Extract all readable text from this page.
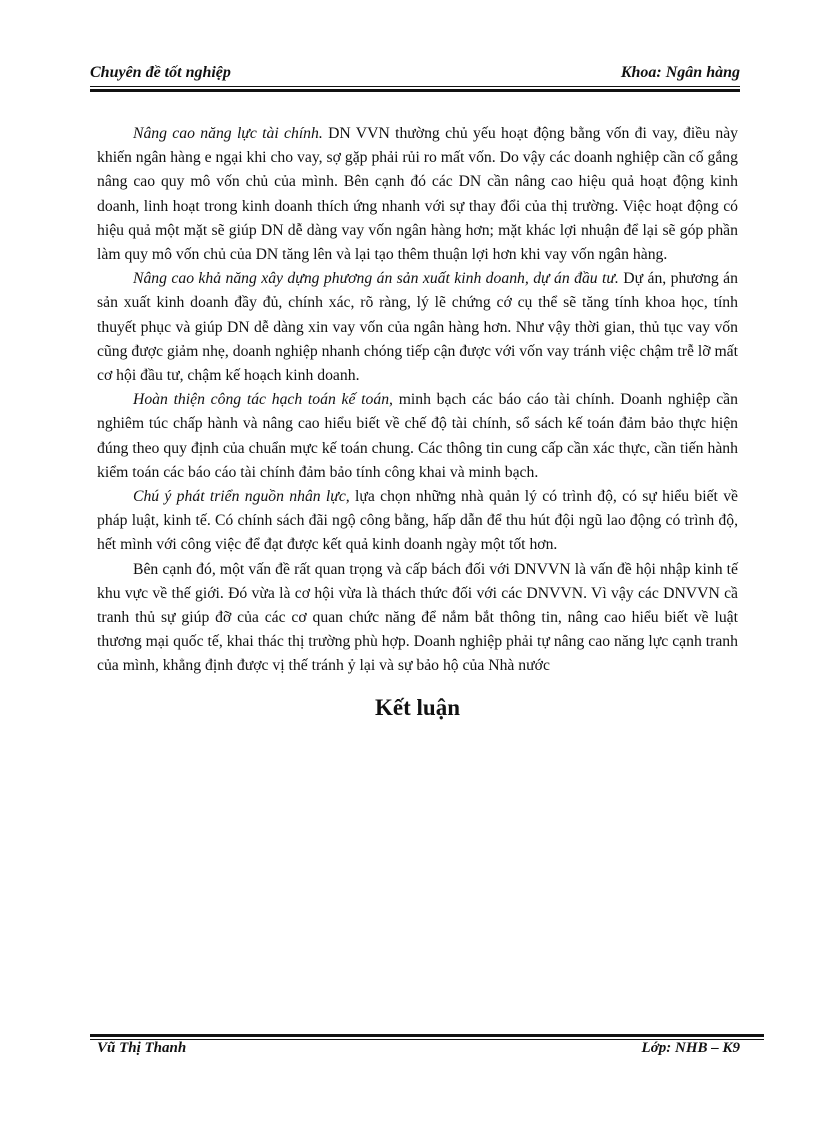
Chuyên đề tốt nghiệp	Khoa: Ngân hàng

Nâng cao năng lực tài chính. DN VVN thường chủ yếu hoạt động bằng vốn đi vay, điều này khiến ngân hàng e ngại khi cho vay, sợ gặp phải rủi ro mất vốn. Do vậy các doanh nghiệp cần cố gắng nâng cao quy mô vốn chủ của mình. Bên cạnh đó các DN cần nâng cao hiệu quả hoạt động kinh doanh, linh hoạt trong kinh doanh thích ứng nhanh với sự thay đổi của thị trường. Việc hoạt động có hiệu quả một mặt sẽ giúp DN dễ dàng vay vốn ngân hàng hơn; mặt khác lợi nhuận để lại sẽ góp phần làm quy mô vốn chủ của DN tăng lên và lại tạo thêm thuận lợi hơn khi vay vốn ngân hàng.

Nâng cao khả năng xây dựng phương án sản xuất kinh doanh, dự án đầu tư. Dự án, phương án sản xuất kinh doanh đầy đủ, chính xác, rõ ràng, lý lẽ chứng cớ cụ thể sẽ tăng tính khoa học, tính thuyết phục và giúp DN dễ dàng xin vay vốn của ngân hàng hơn. Như vậy thời gian, thủ tục vay vốn cũng được giảm nhẹ, doanh nghiệp nhanh chóng tiếp cận được với vốn vay tránh việc chậm trễ lỡ mất cơ hội đầu tư, chậm kế hoạch kinh doanh.

Hoàn thiện công tác hạch toán kế toán, minh bạch các báo cáo tài chính. Doanh nghiệp cần nghiêm túc chấp hành và nâng cao hiểu biết về chế độ tài chính, sổ sách kế toán đảm bảo thực hiện đúng theo quy định của chuẩn mực kế toán chung. Các thông tin cung cấp cần xác thực, cần tiến hành kiểm toán các báo cáo tài chính đảm bảo tính công khai và minh bạch.

Chú ý phát triển nguồn nhân lực, lựa chọn những nhà quản lý có trình độ, có sự hiểu biết về pháp luật, kinh tế. Có chính sách đãi ngộ công bằng, hấp dẫn để thu hút đội ngũ lao động có trình độ, hết mình với công việc để đạt được kết quả kinh doanh ngày một tốt hơn.

Bên cạnh đó, một vấn đề rất quan trọng và cấp bách đối với DNVVN là vấn đề hội nhập kinh tế khu vực về thế giới. Đó vừa là cơ hội vừa là thách thức đối với các DNVVN. Vì vậy các DNVVN cầ tranh thủ sự giúp đỡ của các cơ quan chức năng để nắm bắt thông tin, nâng cao hiểu biết về luật thương mại quốc tế, khai thác thị trường phù hợp. Doanh nghiệp phải tự nâng cao năng lực cạnh tranh của mình, khẳng định được vị thế tránh ỷ lại và sự bảo hộ của Nhà nước

Kết luận
Vũ Thị Thanh	Lớp: NHB – K9
